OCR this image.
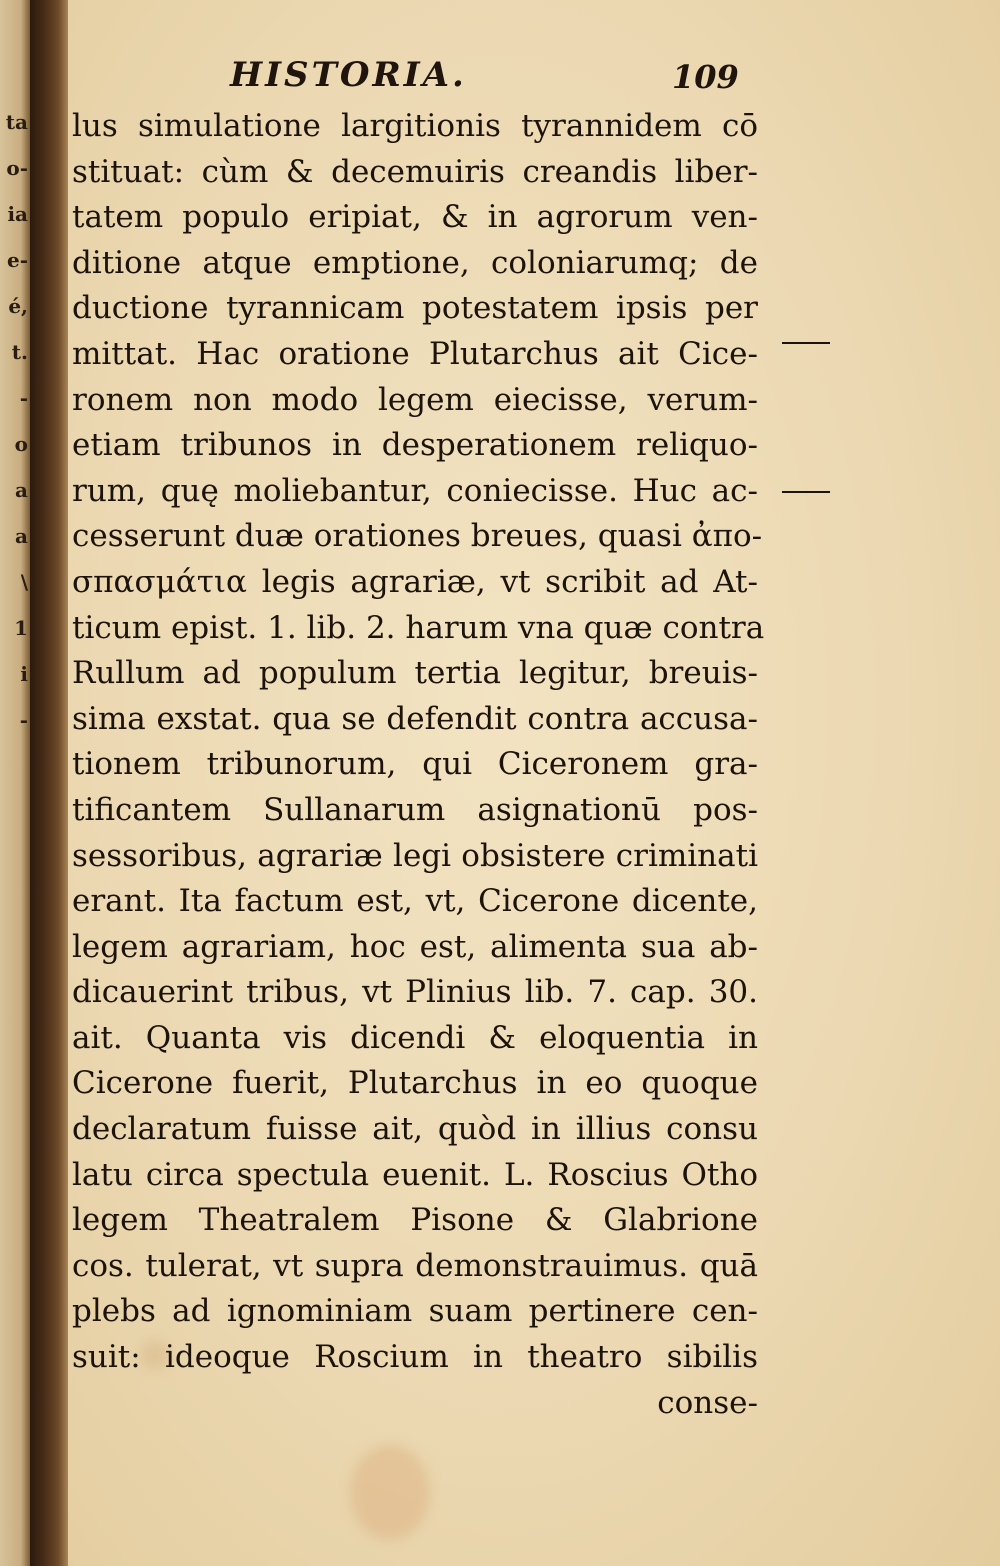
ta
o-
ia
e-
é,
t.
-
o
a
a
\
1
i
-
HISTORIA.	109
lus simulatione largitionis tyrannidem cō
stituat: cùm & decemuiris creandis liber-
tatem populo eripiat, & in agrorum ven-
ditione atque emptione, coloniarumq; de
ductione tyrannicam potestatem ipsis per
mittat. Hac oratione Plutarchus ait Cice-
ronem non modo legem eiecisse, verum-
etiam tribunos in desperationem reliquo-
rum, quę moliebantur, coniecisse. Huc ac-
cesserunt duæ orationes breues, quasi ἀπο-
σπασμάτια legis agrariæ, vt scribit ad At-
ticum epist. 1. lib. 2. harum vna quæ contra
Rullum ad populum tertia legitur, breuis-
sima exstat. qua se defendit contra accusa-
tionem tribunorum, qui Ciceronem gra-
tificantem Sullanarum asignationū pos-
sessoribus, agrariæ legi obsistere criminati
erant. Ita factum est, vt, Cicerone dicente,
legem agrariam, hoc est, alimenta sua ab-
dicauerint tribus, vt Plinius lib. 7. cap. 30.
ait. Quanta vis dicendi & eloquentia in
Cicerone fuerit, Plutarchus in eo quoque
declaratum fuisse ait, quòd in illius consu
latu circa spectula euenit. L. Roscius Otho
legem Theatralem Pisone & Glabrione
cos. tulerat, vt supra demonstrauimus. quā
plebs ad ignominiam suam pertinere cen-
suit: ideoque Roscium in theatro sibilis
conse-
